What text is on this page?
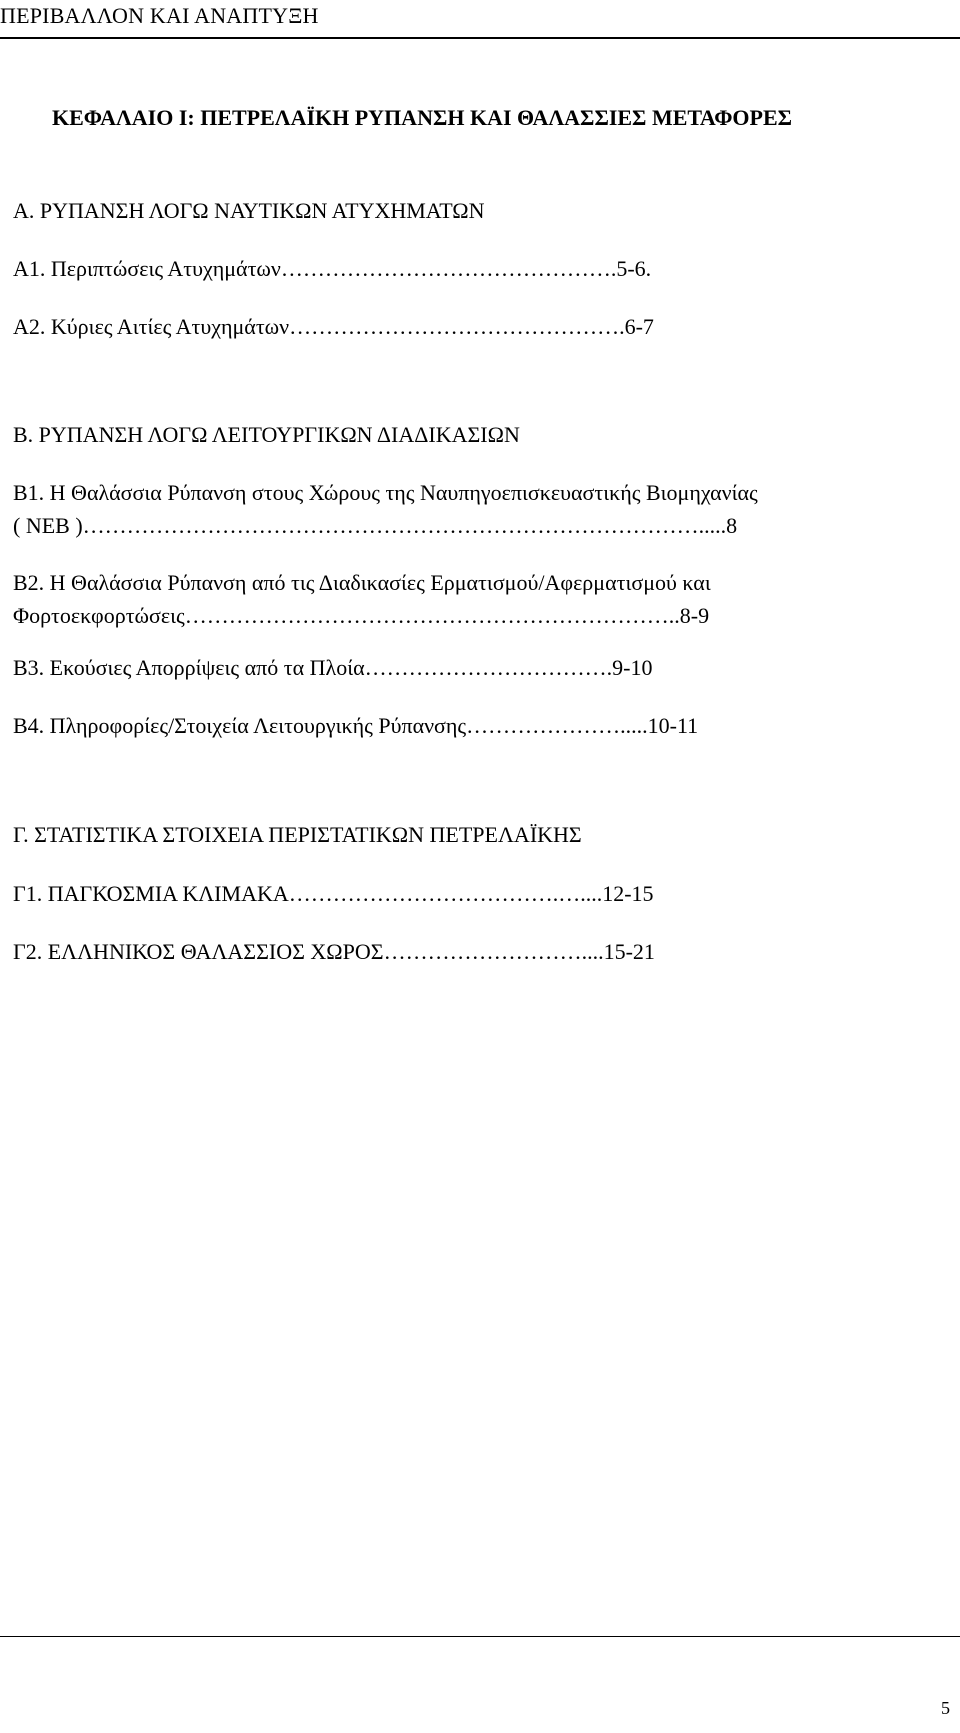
ΠΕΡΙΒΑΛΛΟΝ ΚΑΙ ΑΝΑΠΤΥΞΗ
ΚΕΦΑΛΑΙΟ Ι: ΠΕΤΡΕΛΑΪΚΗ ΡΥΠΑΝΣΗ ΚΑΙ ΘΑΛΑΣΣΙΕΣ ΜΕΤΑΦΟΡΕΣ
Α. ΡΥΠΑΝΣΗ ΛΟΓΩ ΝΑΥΤΙΚΩΝ ΑΤΥΧΗΜΑΤΩΝ
Α1. Περιπτώσεις Ατυχημάτων……………………………………….5-6.
Α2. Κύριες Αιτίες Ατυχημάτων……………………………………….6-7
Β. ΡΥΠΑΝΣΗ ΛΟΓΩ ΛΕΙΤΟΥΡΓΙΚΩΝ ΔΙΑΔΙΚΑΣΙΩΝ
Β1. Η Θαλάσσια Ρύπανση στους Χώρους της Ναυπηγοεπισκευαστικής Βιομηχανίας
( ΝΕΒ )………………………………………………………………………….....8
Β2. Η Θαλάσσια Ρύπανση από τις Διαδικασίες Ερματισμού/Αφερματισμού και
Φορτοεκφορτώσεις…………………………………………………………..8-9
Β3. Εκούσιες Απορρίψεις από τα Πλοία…………………………….9-10
Β4. Πληροφορίες/Στοιχεία Λειτουργικής Ρύπανσης………………….....10-11
Γ. ΣΤΑΤΙΣΤΙΚΑ ΣΤΟΙΧΕΙΑ ΠΕΡΙΣΤΑΤΙΚΩΝ ΠΕΤΡΕΛΑΪΚΗΣ
Γ1. ΠΑΓΚΟΣΜΙΑ ΚΛΙΜΑΚΑ……………………………….…....12-15
Γ2. ΕΛΛΗΝΙΚΟΣ ΘΑΛΑΣΣΙΟΣ ΧΩΡΟΣ………………………....15-21
5
